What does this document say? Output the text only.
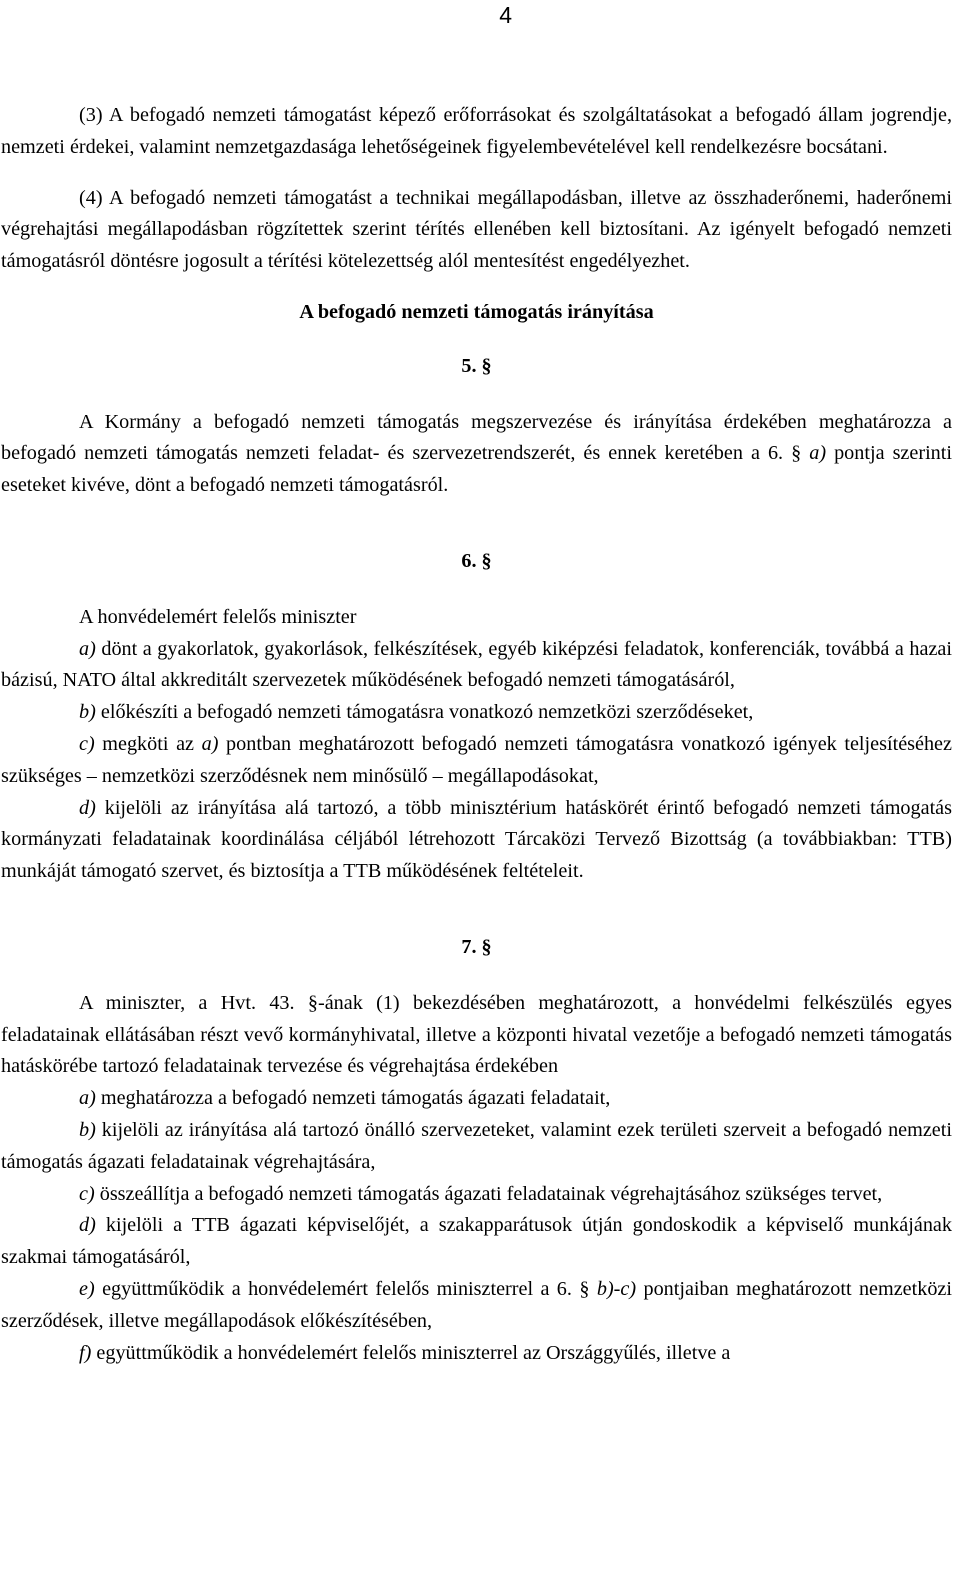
4

(3) A befogadó nemzeti támogatást képező erőforrásokat és szolgáltatásokat a befogadó állam jogrendje, nemzeti érdekei, valamint nemzetgazdasága lehetőségeinek figyelembevételével kell rendelkezésre bocsátani.

(4) A befogadó nemzeti támogatást a technikai megállapodásban, illetve az összhaderőnemi, haderőnemi végrehajtási megállapodásban rögzítettek szerint térítés ellenében kell biztosítani. Az igényelt befogadó nemzeti támogatásról döntésre jogosult a térítési kötelezettség alól mentesítést engedélyezhet.

A befogadó nemzeti támogatás irányítása

5. §

A Kormány a befogadó nemzeti támogatás megszervezése és irányítása érdekében meghatározza a befogadó nemzeti támogatás nemzeti feladat- és szervezetrendszerét, és ennek keretében a 6. § a) pontja szerinti eseteket kivéve, dönt a befogadó nemzeti támogatásról.

6. §

A honvédelemért felelős miniszter

a) dönt a gyakorlatok, gyakorlások, felkészítések, egyéb kiképzési feladatok, konferenciák, továbbá a hazai bázisú, NATO által akkreditált szervezetek működésének befogadó nemzeti támogatásáról,

b) előkészíti a befogadó nemzeti támogatásra vonatkozó nemzetközi szerződéseket,

c) megköti az a) pontban meghatározott befogadó nemzeti támogatásra vonatkozó igények teljesítéséhez szükséges – nemzetközi szerződésnek nem minősülő – megállapodásokat,

d) kijelöli az irányítása alá tartozó, a több minisztérium hatáskörét érintő befogadó nemzeti támogatás kormányzati feladatainak koordinálása céljából létrehozott Tárcaközi Tervező Bizottság (a továbbiakban: TTB) munkáját támogató szervet, és biztosítja a TTB működésének feltételeit.

7. §

A miniszter, a Hvt. 43. §-ának (1) bekezdésében meghatározott, a honvédelmi felkészülés egyes feladatainak ellátásában részt vevő kormányhivatal, illetve a központi hivatal vezetője a befogadó nemzeti támogatás hatáskörébe tartozó feladatainak tervezése és végrehajtása érdekében

a) meghatározza a befogadó nemzeti támogatás ágazati feladatait,

b) kijelöli az irányítása alá tartozó önálló szervezeteket, valamint ezek területi szerveit a befogadó nemzeti támogatás ágazati feladatainak végrehajtására,

c) összeállítja a befogadó nemzeti támogatás ágazati feladatainak végrehajtásához szükséges tervet,

d) kijelöli a TTB ágazati képviselőjét, a szakapparátusok útján gondoskodik a képviselő munkájának szakmai támogatásáról,

e) együttműködik a honvédelemért felelős miniszterrel a 6. § b)-c) pontjaiban meghatározott nemzetközi szerződések, illetve megállapodások előkészítésében,

f) együttműködik a honvédelemért felelős miniszterrel az Országgyűlés, illetve a
